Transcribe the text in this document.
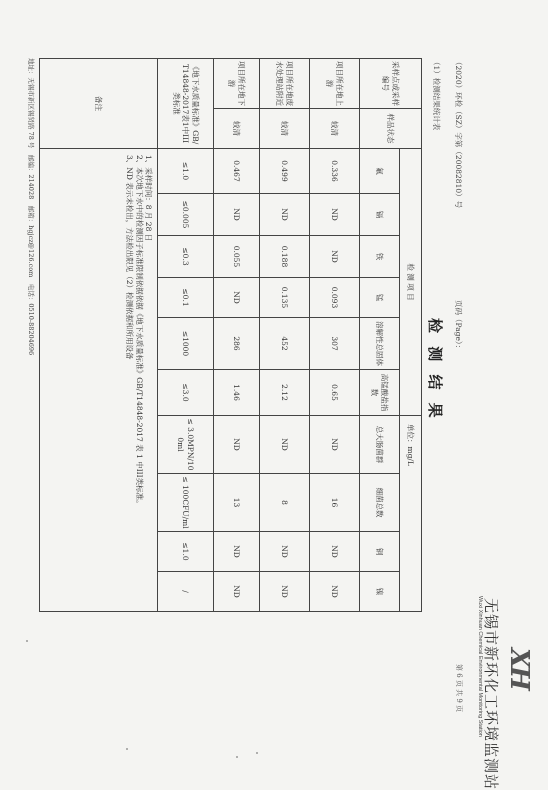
XH
无锡市新环化工环境监测站
Wuxi Xinhuan Chemical Environmental Monitoring Station
第 6 页 共 9 页
（2020）环检（SZ）字第（20082810）号
页码（Page）：
检 测 结 果
（1）检测结果统计表
采样点或采样编号	样品状态	检 测 项 目						单位：mg/L			
		氟	镉	铁	锰	溶解性总固体	高锰酸盐指数	总大肠菌群	细菌总数	铜	镍
项目所在地上游	较清	0.336	ND	ND	0.093	307	0.65	ND	16	ND	ND
项目所在地废水处理站附近	较清	0.499	ND	0.188	0.135	452	2.12	ND	8	ND	ND
项目所在地下游	较清	0.467	ND	0.055	ND	286	1.46	ND	13	ND	ND
《地下水质量标准》GB/T14848-2017表1中III类标准		≤1.0	≤0.005	≤0.3	≤0.1	≤1000	≤3.0	≤ 3.0MPN/100ml	≤ 100CFU/ml	≤1.0	/
备注		1、采样时间：8 月 28 日
2、本次地下水中的检测因子标准限制依据依据《地下水质量标准》GB/T14848-2017 表 1 中III类标准。
3、ND 表示未检出，方法检出限见（2）检测依据和所用设备									
地址：无锡市新区锡贤路 78 号　邮编：214028　邮箱：hgjcz@126.com　电话：0510-88204696
